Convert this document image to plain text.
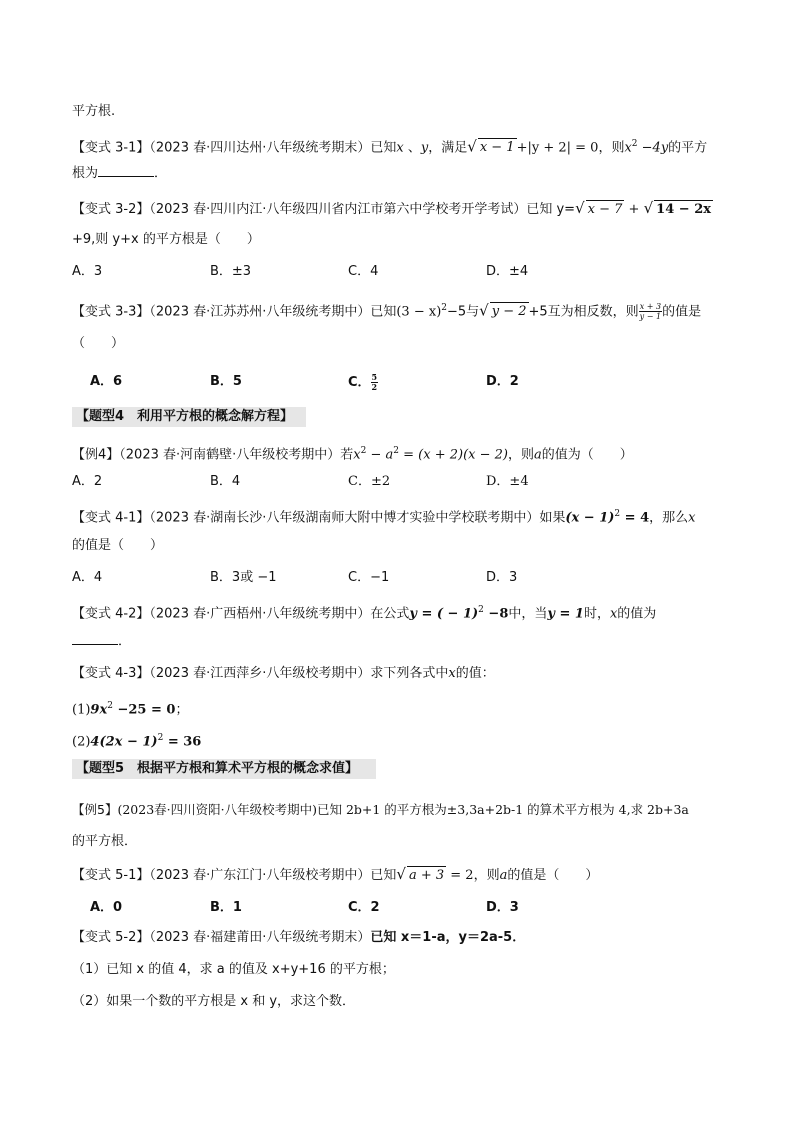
平方根.
【变式 3-1】（2023 春·四川达州·八年级统考期末）已知x 、y，满足√ x − 1 +|y + 2| = 0，则$x^2 -4y$的平方
根为	．
【变式 3-2】（2023 春·四川内江·八年级四川省内江市第六中学校考开学考试）已知 y=√ x − 7 + √ 14 − 2x
+9,则 y+x 的平方根是（　　）
A．3	B．±3	C．4	D．±4
【变式 3-3】（2023 春·江苏苏州·八年级统考期中）已知$(3 - x)^2-5$与√ y − 2 +5互为相反数，则 $\frac{x + 3}{y - 1}$ 的值是
（　　）
A．6	B．5	C． $\frac{5}{2}$	D．2
【题型4　利用平方根的概念解方程】
【例4】（2023 春·河南鹤壁·八年级校考期中）若$x^2 - a^2 = (x + 2)(x - 2)$，则a的值为（　　）
A．2	B．4	C．±2	D．±4
【变式 4-1】（2023 春·湖南长沙·八年级湖南师大附中博才实验中学校联考期中）如果$(x - 1)^2 = 4$，那么x
的值是（　　）
A．4	B．3或 −1	C．−1	D．3
【变式 4-2】（2023 春·广西梧州·八年级统考期中）在公式y = ( − 1)$^2$ −8中，当y = 1时，x的值为
．
【变式 4-3】（2023 春·江西萍乡·八年级校考期中）求下列各式中x的值：
$(1)9x^2 -25 = 0$；
$(2)4(2x - 1)^2 = 36$
【题型5　根据平方根和算术平方根的概念求值】
【例5】(2023春·四川资阳·八年级校考期中)已知 2b+1 的平方根为±3,3a+2b-1 的算术平方根为 4,求 2b+3a
的平方根．
【变式 5-1】（2023 春·广东江门·八年级校考期中）已知√ a + 3 = 2，则a的值是（　　）
A．0	B．1	C．2	D．3
【变式 5-2】（2023 春·福建莆田·八年级统考期末）已知 x＝1-a，y＝2a-5．
（1）已知 x 的值 4，求 a 的值及 x+y+16 的平方根；
（2）如果一个数的平方根是 x 和 y，求这个数．
